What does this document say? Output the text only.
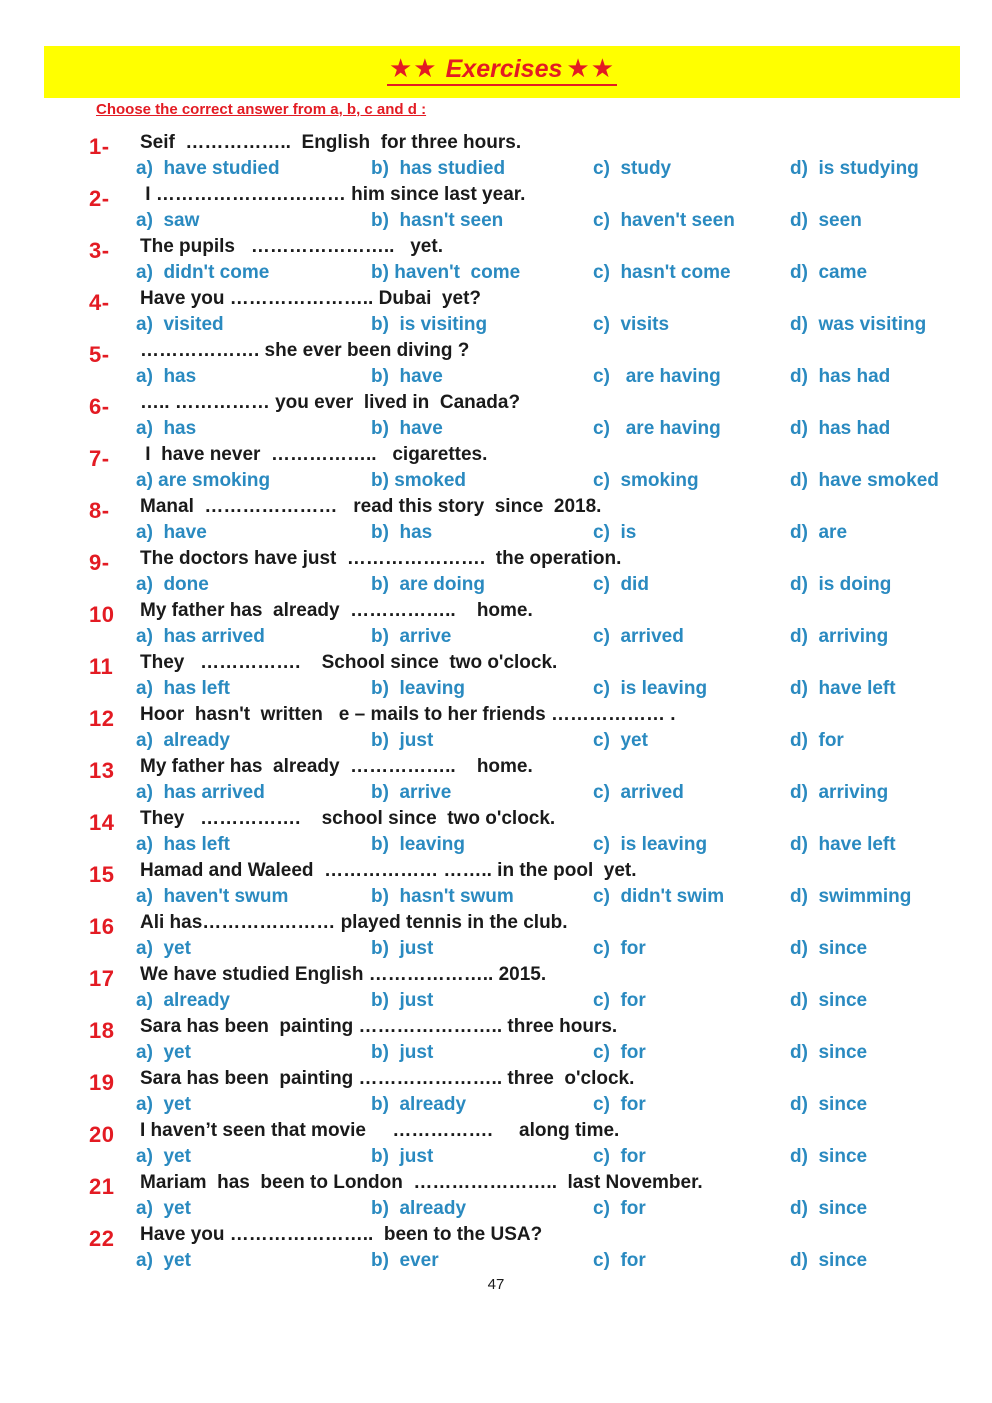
★★ Exercises ★★
Choose the correct answer from a, b, c and d :
1- Seif  ……………..  English  for three hours.
a)  have studied	b)  has studied	c)  study	d)  is studying
2- I ………………………… him since last year.
a)  saw	b)  hasn't seen	c)  haven't seen	d)  seen
3- The pupils   …………………..   yet.
a)  didn't come	b) haven't  come	c)  hasn't come	d)  came
4- Have you ………………….. Dubai  yet?
a)  visited	b)  is visiting	c)  visits	d)  was visiting
5- ………………. she ever been diving ?
a)  has	b)  have	c)   are having	d)  has had
6- ….. …………… you ever  lived in  Canada?
a)  has	b)  have	c)   are having	d)  has had
7- I  have never  ……………..   cigarettes.
a) are smoking	b) smoked	c)  smoking	d)  have smoked
8- Manal  …………………   read this story  since  2018.
a)  have	b)  has	c)  is	d)  are
9- The doctors have just  ………………….  the operation.
a)  done	b)  are doing	c)  did	d)  is doing
10 My father has  already  ……………..    home.
a)  has arrived	b)  arrive	c)  arrived	d)  arriving
11 They   …………….    School since  two o'clock.
a)  has left	b)  leaving	c)  is leaving	d)  have left
12 Hoor  hasn't  written   e – mails to her friends ……………… .
a)  already	b)  just	c)  yet	d)  for
13 My father has  already  ……………..    home.
a)  has arrived	b)  arrive	c)  arrived	d)  arriving
14 They   …………….    school since  two o'clock.
a)  has left	b)  leaving	c)  is leaving	d)  have left
15 Hamad and Waleed  ……………… …….. in the pool  yet.
a)  haven't swum	b)  hasn't swum	c)  didn't swim	d)  swimming
16 Ali has………………… played tennis in the club.
a)  yet	b)  just	c)  for	d)  since
17 We have studied English ……………….. 2015.
a)  already	b)  just	c)  for	d)  since
18 Sara has been  painting ………………….. three hours.
a)  yet	b)  just	c)  for	d)  since
19 Sara has been  painting ………………….. three  o'clock.
a)  yet	b)  already	c)  for	d)  since
20 I haven’t seen that movie     …………….     along time.
a)  yet	b)  just	c)  for	d)  since
21 Mariam  has  been to London  …………………..  last November.
a)  yet	b)  already	c)  for	d)  since
22 Have you …………………..  been to the USA?
a)  yet	b)  ever	c)  for	d)  since
47
